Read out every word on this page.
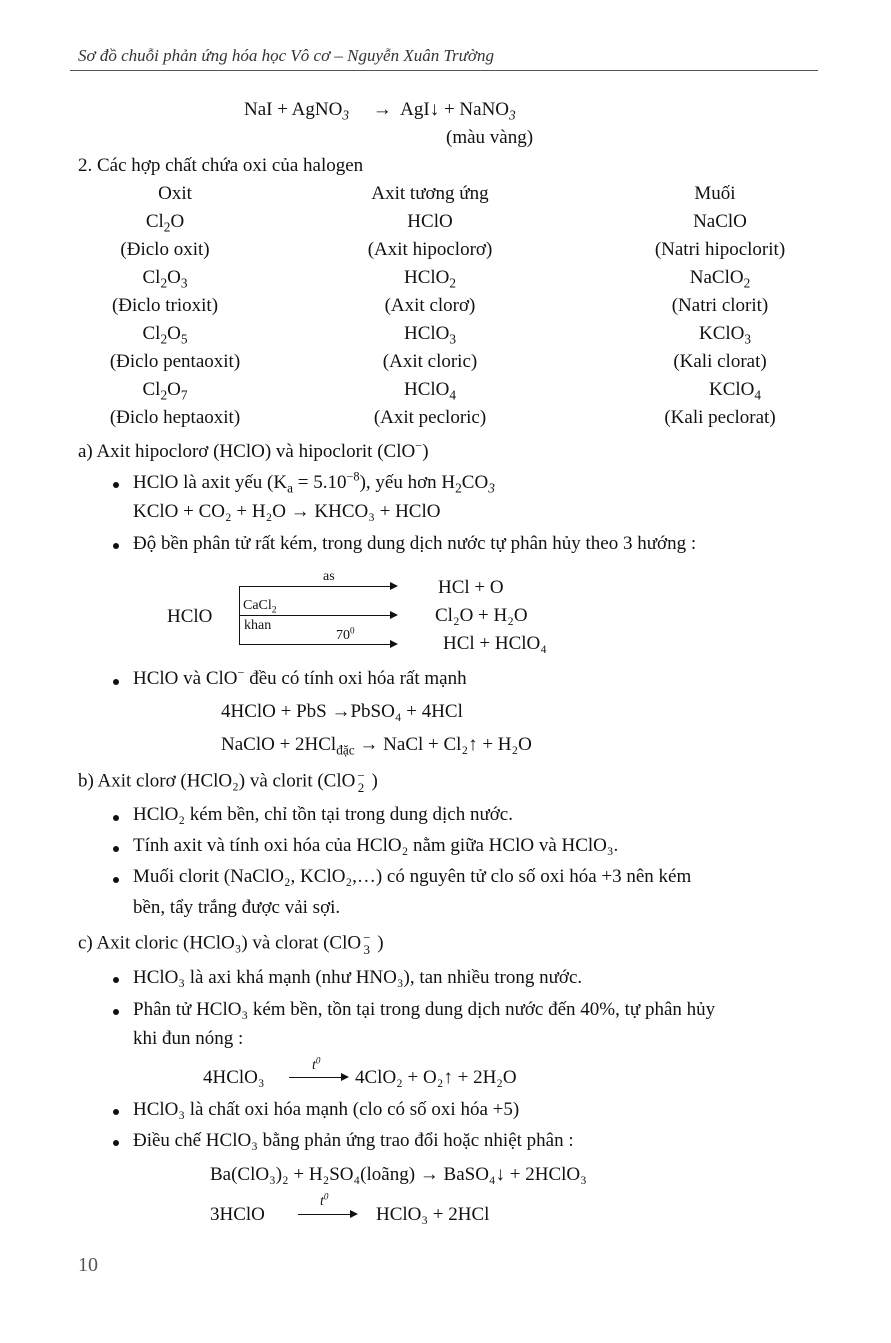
Sơ đồ chuỗi phản ứng hóa học Vô cơ – Nguyễn Xuân Trường
NaI + AgNO$_3$ → AgI↓ + NaNO$_3$
(màu vàng)
2. Các hợp chất chứa oxi của halogen
Oxit	Axit tương ứng	Muối
$Cl_2O$	HClO	NaClO
(Điclo oxit)	(Axit hipoclorơ)	(Natri hipoclorit)
$Cl_2O_3$	HClO$_2$	NaClO$_2$
(Điclo trioxit)	(Axit clorơ)	(Natri clorit)
$Cl_2O_5$	HClO$_3$	KClO$_3$
(Điclo pentaoxit)	(Axit cloric)	(Kali clorat)
$Cl_2O_7$	HClO$_4$	KClO$_4$
(Điclo heptaoxit)	(Axit pecloric)	(Kali peclorat)
a) Axit hipoclorơ (HClO) và hipoclorit (ClO−)
HClO là axit yếu $(K_a = 5.10^{-8})$, yếu hơn $H_2CO_3$
KClO + CO₂ + H₂O → KHCO₃ + HClO
Độ bền phân tử rất kém, trong dung dịch nước tự phân hủy theo 3 hướng :
HClO
as
CaCl$_2$
khan
$70^0$
HCl + O
Cl₂O + H₂O
HCl + HClO₄
HClO và ClO− đều có tính oxi hóa rất mạnh
4HClO + PbS →PbSO₄ + 4HCl
NaClO + 2HCl$_{đặc}$ → NaCl + Cl₂↑ + H₂O
b) Axit clorơ (HClO₂) và clorit (ClO −
2 )
HClO₂ kém bền, chỉ tồn tại trong dung dịch nước.
Tính axit và tính oxi hóa của HClO₂ nằm giữa HClO và HClO₃.
Muối clorit (NaClO₂, KClO₂,…) có nguyên tử clo số oxi hóa +3 nên kém
bền, tẩy trắng được vải sợi.
c) Axit cloric (HClO₃) và clorat (ClO −
3 )
HClO₃ là axi khá mạnh (như HNO₃), tan nhiều trong nước.
Phân tử HClO₃ kém bền, tồn tại trong dung dịch nước đến 40%, tự phân hủy
khi đun nóng :
4HClO₃
$t^0$
4ClO₂ + O₂↑ + 2H₂O
HClO₃ là chất oxi hóa mạnh (clo có số oxi hóa +5)
Điều chế HClO₃ bằng phản ứng trao đổi hoặc nhiệt phân :
Ba(ClO₃)₂ + H₂SO₄(loãng) → BaSO₄↓ + 2HClO₃
3HClO
$t^0$
HClO₃ + 2HCl
10
